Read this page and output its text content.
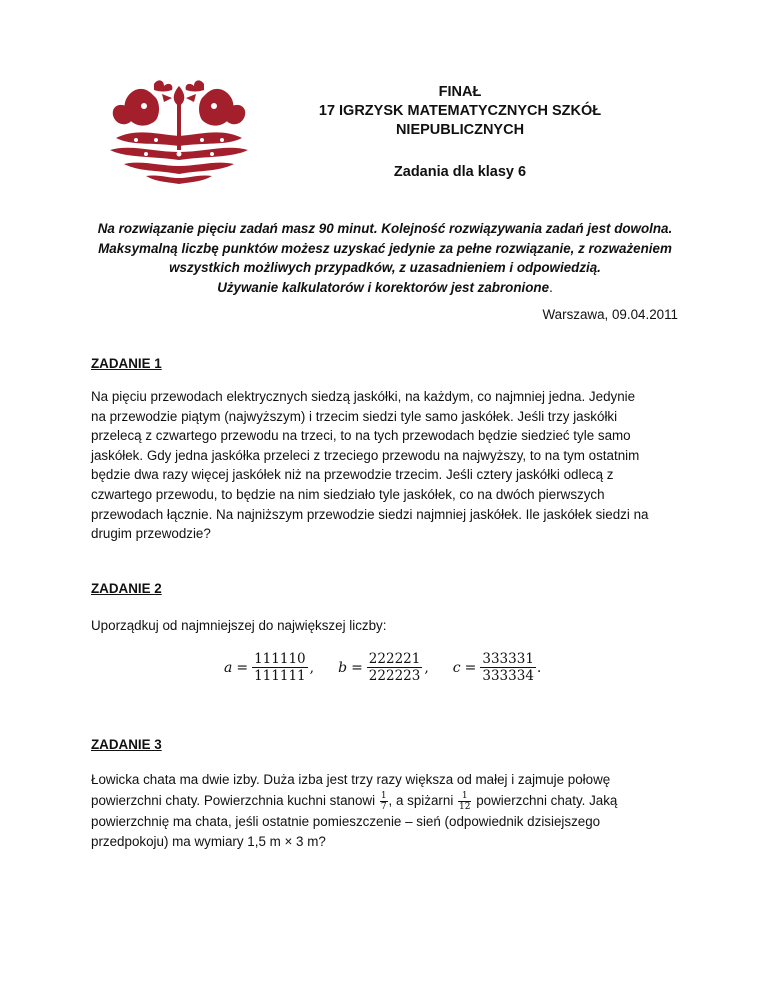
FINAŁ
17 IGRZYSK MATEMATYCZNYCH SZKÓŁ
NIEPUBLICZNYCH
Zadania dla klasy 6
Na rozwiązanie pięciu zadań masz 90 minut. Kolejność rozwiązywania zadań jest dowolna.
Maksymalną liczbę punktów możesz uzyskać jedynie za pełne rozwiązanie, z rozważeniem
wszystkich możliwych przypadków, z uzasadnieniem i odpowiedzią.
Używanie kalkulatorów i korektorów jest zabronione.
Warszawa, 09.04.2011
ZADANIE 1
Na pięciu przewodach elektrycznych siedzą jaskółki, na każdym, co najmniej jedna. Jedynie
na przewodzie piątym (najwyższym) i trzecim siedzi tyle samo jaskółek. Jeśli trzy jaskółki
przelecą z czwartego przewodu na trzeci, to na tych przewodach będzie siedzieć tyle samo
jaskółek. Gdy jedna jaskółka przeleci z trzeciego przewodu na najwyższy, to na tym ostatnim
będzie dwa razy więcej jaskółek niż na przewodzie trzecim. Jeśli cztery jaskółki odlecą z
czwartego przewodu, to będzie na nim siedziało tyle jaskółek, co na dwóch pierwszych
przewodach łącznie. Na najniższym przewodzie siedzi najmniej jaskółek. Ile jaskółek siedzi na
drugim przewodzie?
ZADANIE 2
Uporządkuj od najmniejszej do największej liczby:
$a = \frac{111110}{111111}$ , $b = \frac{222221}{222223}$ , $c = \frac{333331}{333334}$ .
ZADANIE 3
Łowicka chata ma dwie izby. Duża izba jest trzy razy większa od małej i zajmuje połowę
powierzchni chaty. Powierzchnia kuchni stanowi $\frac{1}{7}$ , a spiżarni $\frac{1}{12}$ powierzchni chaty. Jaką
powierzchnię ma chata, jeśli ostatnie pomieszczenie – sień (odpowiednik dzisiejszego
przedpokoju) ma wymiary 1,5 m × 3 m?
